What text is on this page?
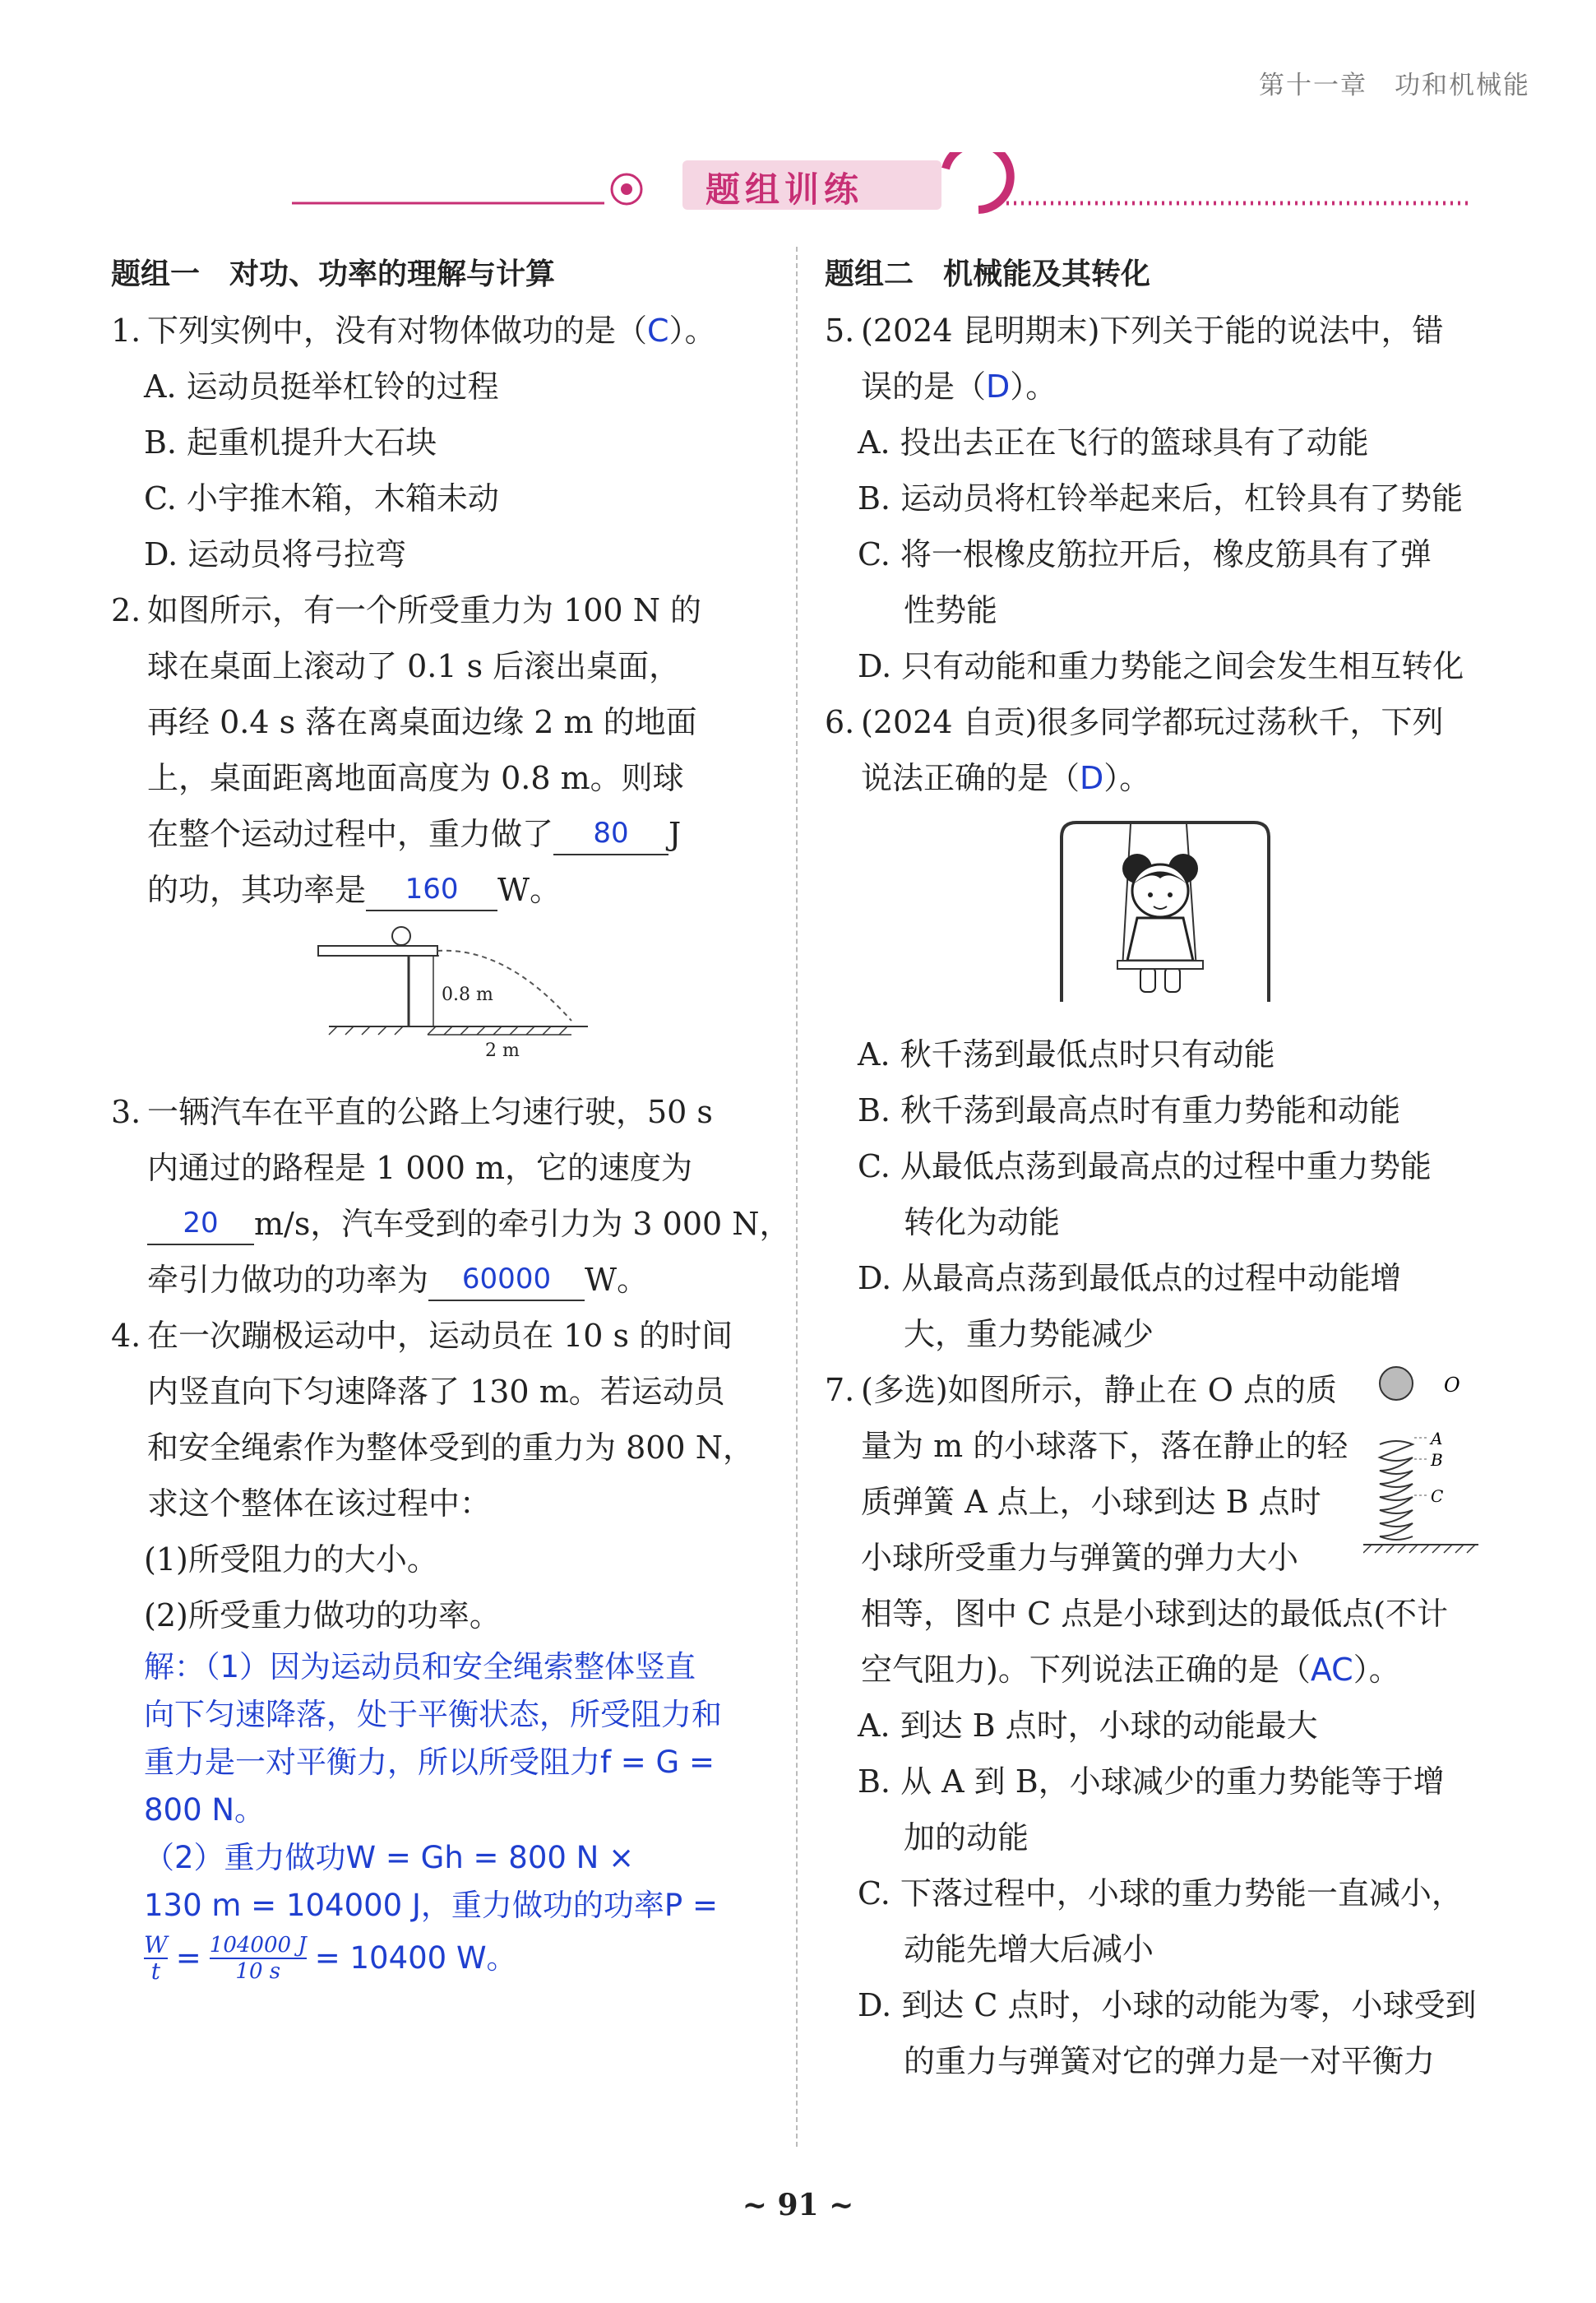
第十一章　功和机械能
题组训练
题组一　对功、功率的理解与计算
1. 下列实例中，没有对物体做功的是（C）。
A. 运动员挺举杠铃的过程
B. 起重机提升大石块
C. 小宇推木箱，木箱未动
D. 运动员将弓拉弯
2. 如图所示，有一个所受重力为 100 N 的
球在桌面上滚动了 0.1 s 后滚出桌面，
再经 0.4 s 落在离桌面边缘 2 m 的地面
上，桌面距离地面高度为 0.8 m。则球
在整个运动过程中，重力做了 80 J
的功，其功率是 160 W。
0.8 m
2 m
3. 一辆汽车在平直的公路上匀速行驶，50 s
内通过的路程是 1 000 m，它的速度为
20 m/s，汽车受到的牵引力为 3 000 N，
牵引力做功的功率为 60000 W。
4. 在一次蹦极运动中，运动员在 10 s 的时间
内竖直向下匀速降落了 130 m。若运动员
和安全绳索作为整体受到的重力为 800 N，
求这个整体在该过程中：
(1)所受阻力的大小。
(2)所受重力做功的功率。
解：（1）因为运动员和安全绳索整体竖直
向下匀速降落，处于平衡状态，所受阻力和
重力是一对平衡力，所以所受阻力f = G =
800 N。
（2）重力做功W = Gh = 800 N ×
130 m = 104000 J，重力做功的功率P =
$\frac{W}{t} = \frac{104000 J}{10 s} = 10400$ W。
题组二　机械能及其转化
5. (2024 昆明期末)下列关于能的说法中，错
误的是（D）。
A. 投出去正在飞行的篮球具有了动能
B. 运动员将杠铃举起来后，杠铃具有了势能
C. 将一根橡皮筋拉开后，橡皮筋具有了弹
性势能
D. 只有动能和重力势能之间会发生相互转化
6. (2024 自贡)很多同学都玩过荡秋千，下列
说法正确的是（D）。
A. 秋千荡到最低点时只有动能
B. 秋千荡到最高点时有重力势能和动能
C. 从最低点荡到最高点的过程中重力势能
转化为动能
D. 从最高点荡到最低点的过程中动能增
大，重力势能减少
7. (多选)如图所示，静止在 O 点的质
量为 m 的小球落下，落在静止的轻
质弹簧 A 点上，小球到达 B 点时
小球所受重力与弹簧的弹力大小
相等，图中 C 点是小球到达的最低点(不计
空气阻力)。下列说法正确的是（AC）。
O
A
B
C
A. 到达 B 点时，小球的动能最大
B. 从 A 到 B，小球减少的重力势能等于增
加的动能
C. 下落过程中，小球的重力势能一直减小，
动能先增大后减小
D. 到达 C 点时，小球的动能为零，小球受到
的重力与弹簧对它的弹力是一对平衡力
~ 91 ~
